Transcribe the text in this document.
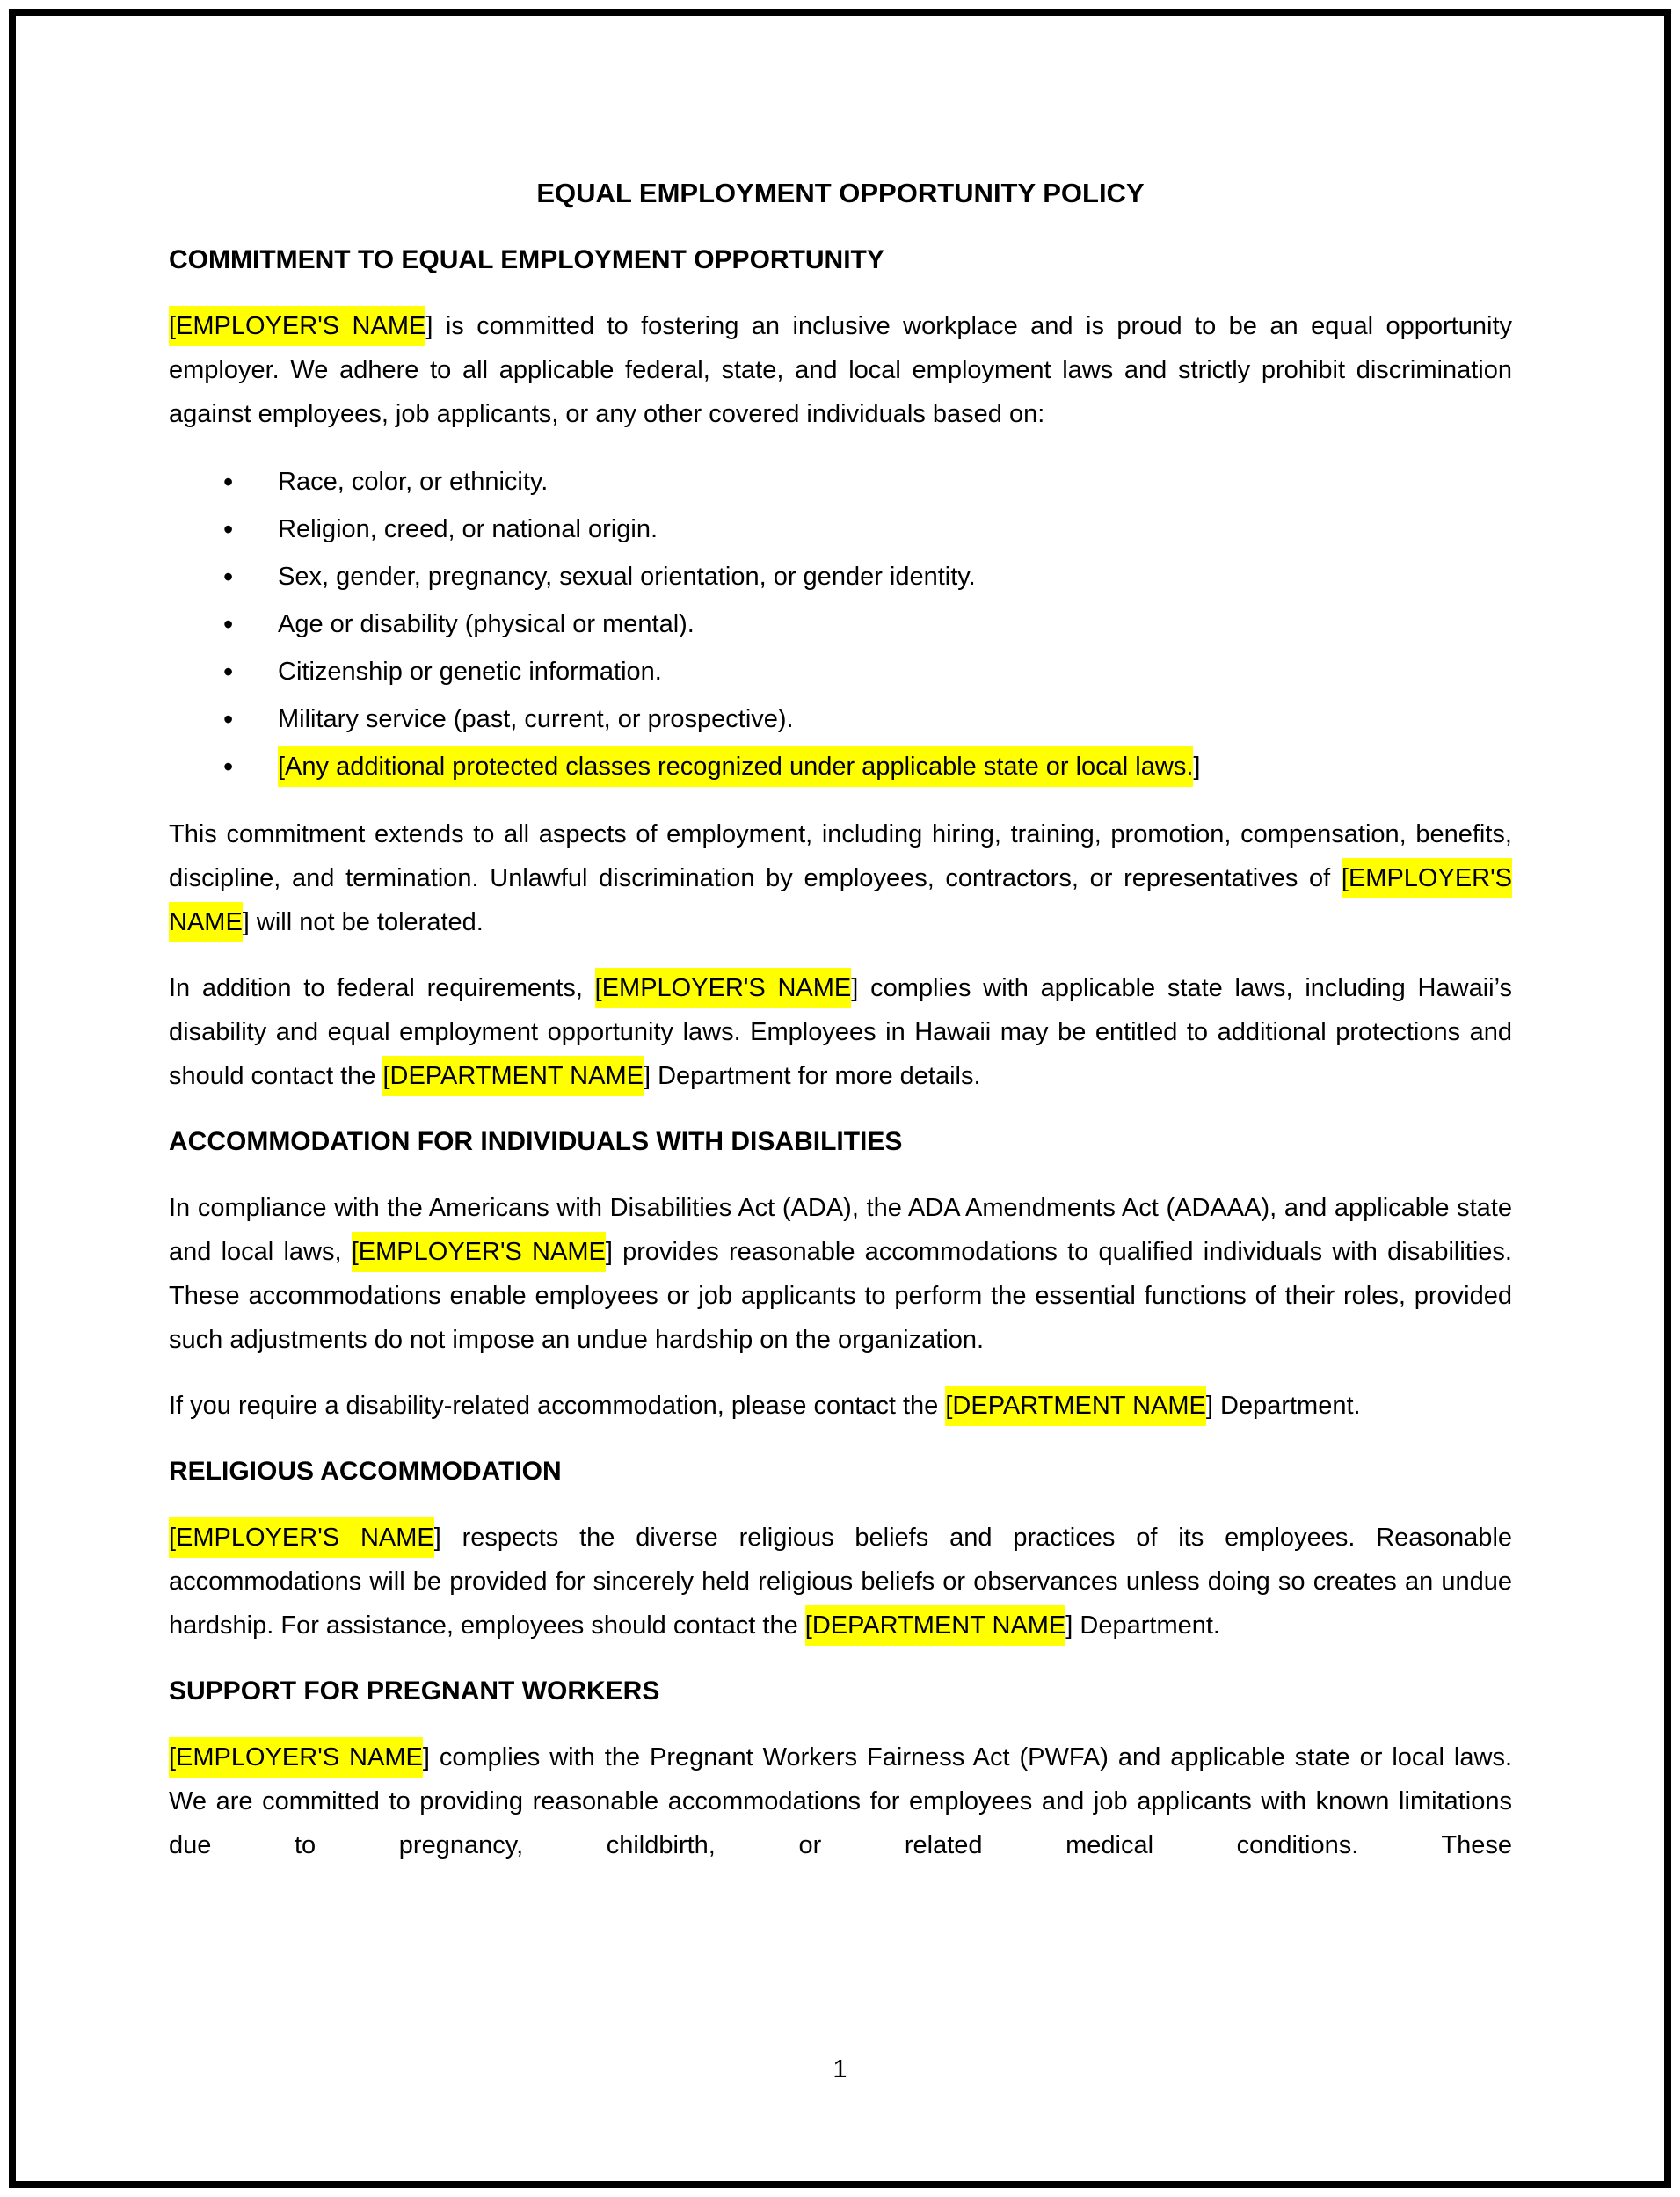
EQUAL EMPLOYMENT OPPORTUNITY POLICY
COMMITMENT TO EQUAL EMPLOYMENT OPPORTUNITY

[EMPLOYER'S NAME] is committed to fostering an inclusive workplace and is proud to be an equal opportunity employer. We adhere to all applicable federal, state, and local employment laws and strictly prohibit discrimination against employees, job applicants, or any other covered individuals based on:

• Race, color, or ethnicity.
• Religion, creed, or national origin.
• Sex, gender, pregnancy, sexual orientation, or gender identity.
• Age or disability (physical or mental).
• Citizenship or genetic information.
• Military service (past, current, or prospective).
• [Any additional protected classes recognized under applicable state or local laws.]

This commitment extends to all aspects of employment, including hiring, training, promotion, compensation, benefits, discipline, and termination. Unlawful discrimination by employees, contractors, or representatives of [EMPLOYER'S NAME] will not be tolerated.

In addition to federal requirements, [EMPLOYER'S NAME] complies with applicable state laws, including Hawaii’s disability and equal employment opportunity laws. Employees in Hawaii may be entitled to additional protections and should contact the [DEPARTMENT NAME] Department for more details.

ACCOMMODATION FOR INDIVIDUALS WITH DISABILITIES

In compliance with the Americans with Disabilities Act (ADA), the ADA Amendments Act (ADAAA), and applicable state and local laws, [EMPLOYER'S NAME] provides reasonable accommodations to qualified individuals with disabilities. These accommodations enable employees or job applicants to perform the essential functions of their roles, provided such adjustments do not impose an undue hardship on the organization.

If you require a disability-related accommodation, please contact the [DEPARTMENT NAME] Department.

RELIGIOUS ACCOMMODATION

[EMPLOYER'S NAME] respects the diverse religious beliefs and practices of its employees. Reasonable accommodations will be provided for sincerely held religious beliefs or observances unless doing so creates an undue hardship. For assistance, employees should contact the [DEPARTMENT NAME] Department.

SUPPORT FOR PREGNANT WORKERS

[EMPLOYER'S NAME] complies with the Pregnant Workers Fairness Act (PWFA) and applicable state or local laws. We are committed to providing reasonable accommodations for employees and job applicants with known limitations due to pregnancy, childbirth, or related medical conditions. These

1
